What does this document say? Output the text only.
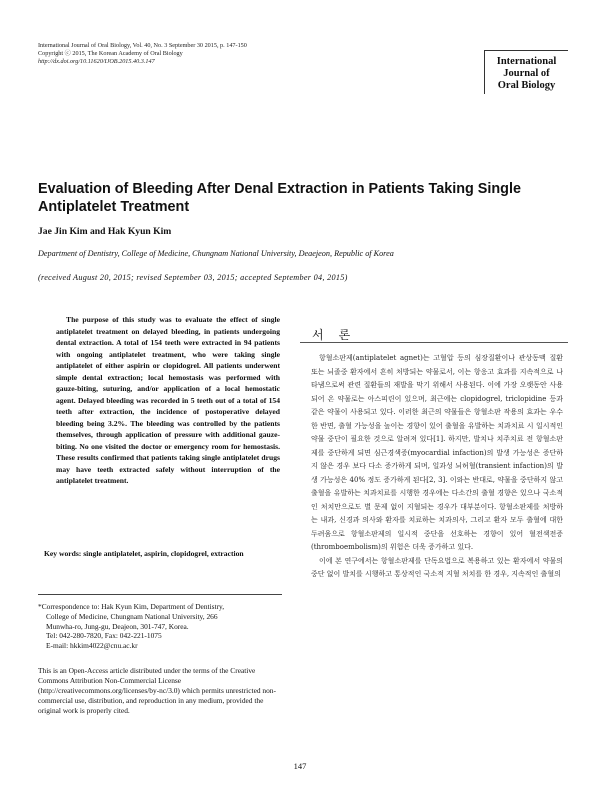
International Journal of Oral Biology, Vol. 40, No. 3 September 30 2015, p. 147-150
Copyright ⓒ 2015, The Korean Academy of Oral Biology
http://dx.doi.org/10.11620/IJOB.2015.40.3.147	International
Journal of
Oral Biology
Evaluation of Bleeding After Denal Extraction in Patients Taking Single
Antiplatelet Treatment
Jae Jin Kim and Hak Kyun Kim
Department of Dentistry, College of Medicine, Chungnam National University, Deaejeon, Republic of Korea
(received August 20, 2015; revised September 03, 2015; accepted September 04, 2015)

The purpose of this study was to evaluate the effect of single antiplatelet treatment on delayed bleeding, in patients undergoing dental extraction. A total of 154 teeth were extracted in 94 patients with ongoing antiplatelet treatment, who were taking single antiplatelet of either aspirin or clopidogrel. All patients underwent simple dental extraction; local hemostasis was performed with gauze-biting, suturing, and/or application of a local hemostatic agent. Delayed bleeding was recorded in 5 teeth out of a total of 154 teeth after extraction, the incidence of postoperative delayed bleeding being 3.2%. The bleeding was controlled by the patients themselves, through application of pressure with additional gauze-biting. No one visited the doctor or emergency room for hemostasis. These results confirmed that patients taking single antiplatelet drugs may have teeth extracted safely without interruption of the antiplatelet treatment.

Key words: single antiplatelet, aspirin, clopidogrel, extraction

*Correspondence to: Hak Kyun Kim, Department of Dentistry,
College of Medicine, Chungnam National University, 266
Munwha-ro, Jung-gu, Deajeon, 301-747, Korea.
Tel: 042-280-7820, Fax: 042-221-1075
E-mail: hkkim4022@cnu.ac.kr

This is an Open-Access article distributed under the terms of the Creative Commons Attribution Non-Commercial License (http://creativecommons.org/licenses/by-nc/3.0) which permits unrestricted non-commercial use, distribution, and reproduction in any medium, provided the original work is properly cited.

서 론

항혈소판제(antiplatelet agnet)는 고혈압 등의 심장질환이나 관상동맥 질환 또는 뇌졸중 환자에서 흔히 처방되는 약물로서, 이는 항응고 효과를 지속적으로 나타냄으로써 관련 질환들의 재발을 막기 위해서 사용된다. 이에 가장 오랫동안 사용되어 온 약물로는 아스피린이 있으며, 최근에는 clopidogrel, triclopidine 등과 같은 약물이 사용되고 있다. 이러한 최근의 약물들은 항혈소판 작용의 효과는 우수한 반면, 출혈 가능성을 높이는 경향이 있어 출혈을 유발하는 치과치료 시 일시적인 약물 중단이 필요한 것으로 알려져 있다[1]. 하지만, 발치나 치주치료 전 항혈소판제를 중단하게 되면 심근경색증(myocardial infaction)의 발생 가능성은 증단하지 않은 경우 보다 다소 증가하게 되며, 일과성 뇌허혈(transient infaction)의 발생 가능성은 40% 정도 증가하게 된다[2, 3]. 이와는 반대로, 약물을 중단하지 않고 출혈을 유발하는 치과치료를 시행한 경우에는 다소간의 출혈 경향은 있으나 국소적인 처치만으로도 별 문제 없이 지혈되는 경우가 대부분이다. 항혈소판제를 처방하는 내과, 신경과 의사와 환자를 치료하는 치과의사, 그리고 환자 모두 출혈에 대한 두려움으로 항혈소판제의 일시적 중단을 선호하는 경향이 있어 혈전색전증(thromboembolism)의 위험은 더욱 증가하고 있다.

이에 본 연구에서는 항혈소판제를 단독요법으로 복용하고 있는 환자에서 약물의 중단 없이 발치를 시행하고 통상적인 국소적 지혈 처치를 한 경우, 지속적인 출혈의

147
